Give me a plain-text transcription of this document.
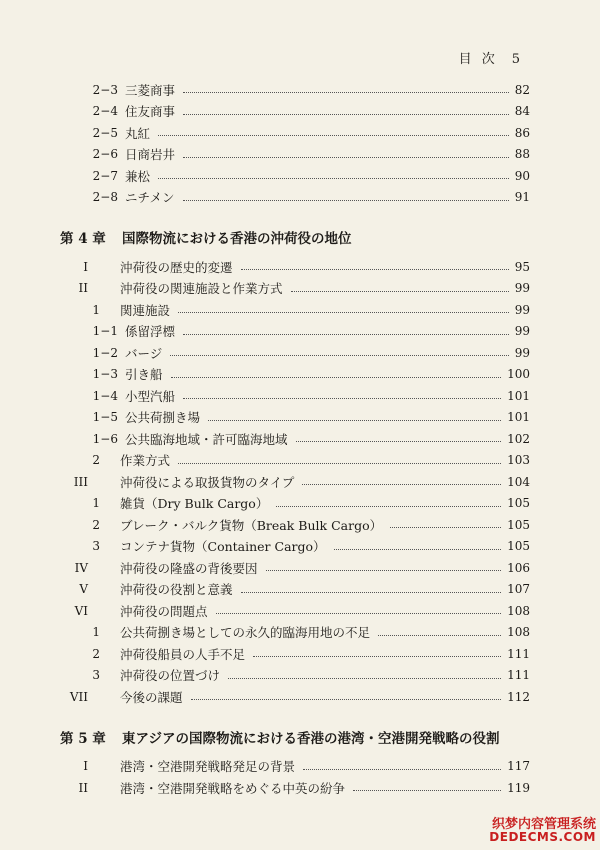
目 次 5
2−3 三菱商事	82
2−4 住友商事	84
2−5 丸紅	86
2−6 日商岩井	88
2−7 兼松	90
2−8 ニチメン	91
第 4 章 国際物流における香港の沖荷役の地位
I	沖荷役の歴史的変遷	95
II	沖荷役の関連施設と作業方式	99
1 関連施設	99
1−1 係留浮標	99
1−2 バージ	99
1−3 引き船	100
1−4 小型汽船	101
1−5 公共荷捌き場	101
1−6 公共臨海地域・許可臨海地域	102
2 作業方式	103
III	沖荷役による取扱貨物のタイプ	104
1 雑貨（Dry Bulk Cargo）	105
2 ブレーク・バルク貨物（Break Bulk Cargo）	105
3 コンテナ貨物（Container Cargo）	105
IV	沖荷役の隆盛の背後要因	106
V	沖荷役の役割と意義	107
VI	沖荷役の問題点	108
1 公共荷捌き場としての永久的臨海用地の不足	108
2 沖荷役船員の人手不足	111
3 沖荷役の位置づけ	111
VII	今後の課題	112
第 5 章 東アジアの国際物流における香港の港湾・空港開発戦略の役割
I	港湾・空港開発戦略発足の背景	117
II	港湾・空港開発戦略をめぐる中英の紛争	119
织梦内容管理系统
DEDECMS.COM
